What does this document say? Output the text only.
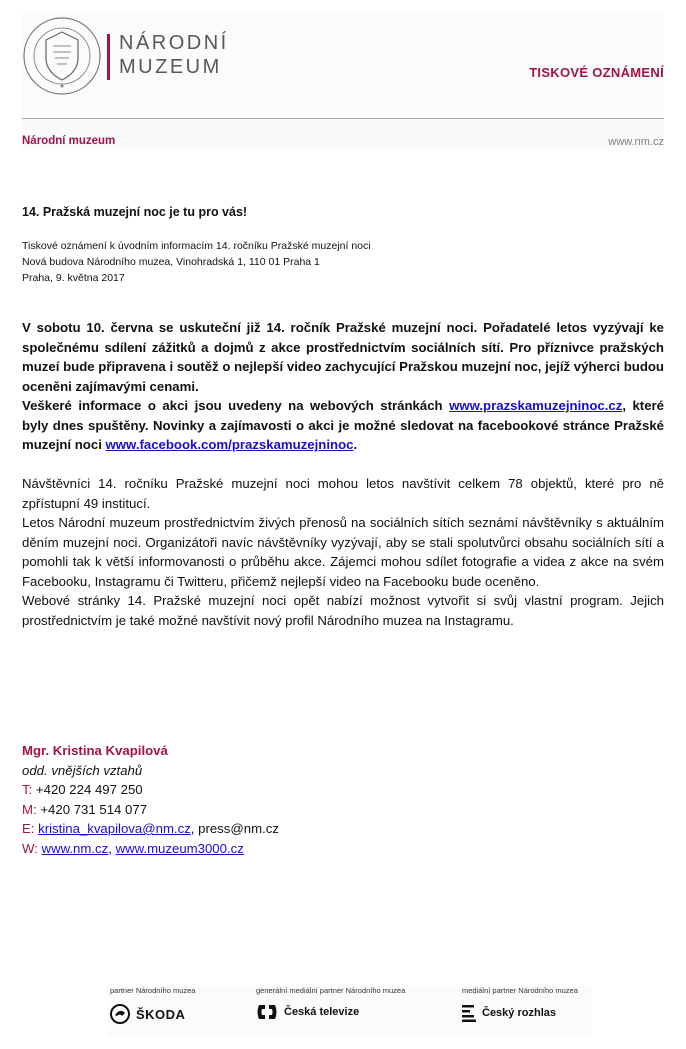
NÁRODNÍ
MUZEUM	TISKOVÉ OZNÁMENÍ
Národní muzeum	www.nm.cz
14. Pražská muzejní noc je tu pro vás!
Tiskové oznámení k úvodním informacím 14. ročníku Pražské muzejní noci
Nová budova Národního muzea, Vinohradská 1, 110 01 Praha 1
Praha, 9. května 2017

V sobotu 10. června se uskuteční již 14. ročník Pražské muzejní noci. Pořadatelé letos vyzývají ke společnému sdílení zážitků a dojmů z akce prostřednictvím sociálních sítí. Pro příznivce pražských muzeí bude připravena i soutěž o nejlepší video zachycující Pražskou muzejní noc, jejíž výherci budou oceněni zajímavými cenami.

Veškeré informace o akci jsou uvedeny na webových stránkách www.prazskamuzejninoc.cz, které byly dnes spuštěny. Novinky a zajímavosti o akci je možné sledovat na facebookové stránce Pražské muzejní noci www.facebook.com/prazskamuzejninoc.

Návštěvníci 14. ročníku Pražské muzejní noci mohou letos navštívit celkem 78 objektů, které pro ně zpřístupní 49 institucí.

Letos Národní muzeum prostřednictvím živých přenosů na sociálních sítích seznámí návštěvníky s aktuálním děním muzejní noci. Organizátoři navíc návštěvníky vyzývají, aby se stali spolutvůrci obsahu sociálních sítí a pomohli tak k větší informovanosti o průběhu akce. Zájemci mohou sdílet fotografie a videa z akce na svém Facebooku, Instagramu či Twitteru, přičemž nejlepší video na Facebooku bude oceněno.

Webové stránky 14. Pražské muzejní noci opět nabízí možnost vytvořit si svůj vlastní program. Jejich prostřednictvím je také možné navštívit nový profil Národního muzea na Instagramu.

Mgr. Kristina Kvapilová
odd. vnějších vztahů
T: +420 224 497 250
M: +420 731 514 077
E: kristina_kvapilova@nm.cz, press@nm.cz
W: www.nm.cz, www.muzeum3000.cz
partner Národního muzea
ŠKODA
generální mediální partner Národního muzea
Česká televize
mediální partner Národního muzea
Český rozhlas
